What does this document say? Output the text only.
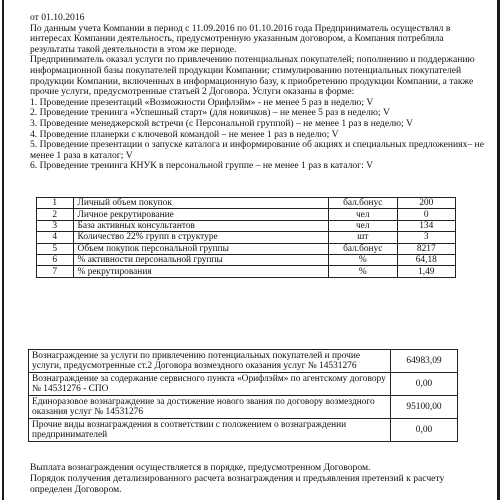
от 01.10.2016

По данным учета Компании в период с 11.09.2016 по 01.10.2016 года Предприниматель осуществлял в интересах Компании деятельность, предусмотренную указанным договором, а Компания потребляла результаты такой деятельности в этом же периоде.

Предприниматель оказал услуги по привлечению потенциальных покупателей; пополнению и поддержанию информационной базы покупателей продукции Компании; стимулированию потенциальных покупателей продукции Компании, включенных в информационную базу, к приобретению продукции Компании, а также прочие услуги, предусмотренные статьей 2 Договора. Услуги оказаны в форме:

1. Проведение презентаций «Возможности Орифлэйм» - не менее 5 раз в неделю; V
2. Проведение тренинга «Успешный старт» (для новичков) – не менее 5 раз в неделю; V
3. Проведение менеджерской встречи (с Персональной группой) – не менее 1 раз в неделю; V
4. Проведение планерки с ключевой командой – не менее 1 раз в неделю; V
5. Проведение презентации о запуске каталога и информирование об акциях и специальных предложениях– не менее 1 раза в каталог; V
6. Проведение тренинга КНУК в персональной группе – не менее 1 раз в каталог: V
1	Личный объем покупок	бал.бонус	200
2	Личное рекрутирование	чел	0
3	База активных консультантов	чел	134
4	Количество 22% групп в структуре	шт	3
5	Объем покупок персональной группы	бал.бонус	8217
6	% активности персональной группы	%	64,18
7	% рекрутирования	%	1,49
Вознаграждение за услуги по привлечению потенциальных покупателей и прочие услуги, предусмотренные ст.2 Договора возмездного оказания услуг № 14531276	64983,09
Вознаграждение за содержание сервисного пункта «Орифлэйм» по агентскому договору № 14531276 - СПО	0,00
Единоразовое вознаграждение за достижение нового звания по договору возмездного оказания услуг № 14531276	95100,00
Прочие виды вознаграждения в соответствии с положением о вознаграждении предпринимателей	0,00

Выплата вознаграждения осуществляется в порядке, предусмотренном Договором.

Порядок получения детализированного расчета вознаграждения и предъявления претензий к расчету определен Договором.
